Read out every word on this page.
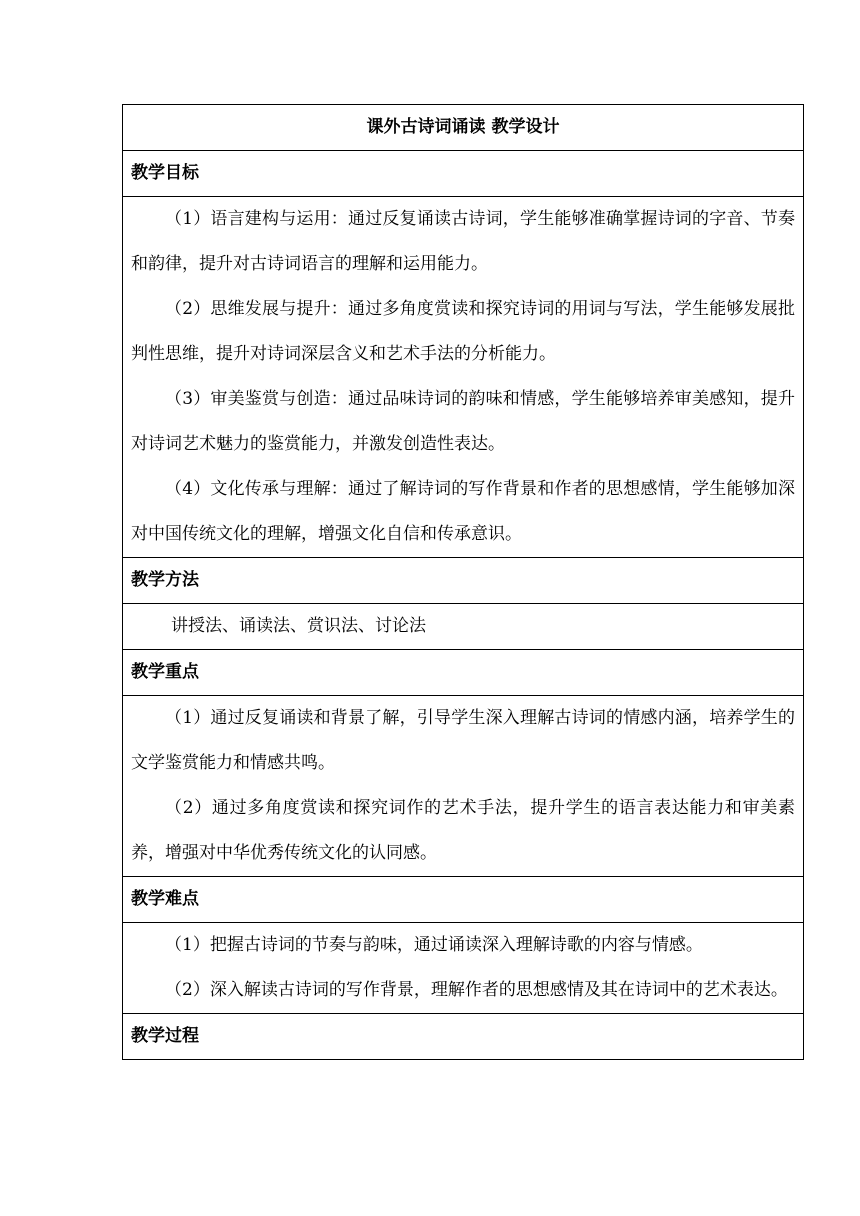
课外古诗词诵读 教学设计
教学目标

（1）语言建构与运用：通过反复诵读古诗词，学生能够准确掌握诗词的字音、节奏和韵律，提升对古诗词语言的理解和运用能力。

（2）思维发展与提升：通过多角度赏读和探究诗词的用词与写法，学生能够发展批判性思维，提升对诗词深层含义和艺术手法的分析能力。

（3）审美鉴赏与创造：通过品味诗词的韵味和情感，学生能够培养审美感知，提升对诗词艺术魅力的鉴赏能力，并激发创造性表达。

（4）文化传承与理解：通过了解诗词的写作背景和作者的思想感情，学生能够加深对中国传统文化的理解，增强文化自信和传承意识。

教学方法

讲授法、诵读法、赏识法、讨论法

教学重点

（1）通过反复诵读和背景了解，引导学生深入理解古诗词的情感内涵，培养学生的文学鉴赏能力和情感共鸣。

（2）通过多角度赏读和探究词作的艺术手法，提升学生的语言表达能力和审美素养，增强对中华优秀传统文化的认同感。

教学难点

（1）把握古诗词的节奏与韵味，通过诵读深入理解诗歌的内容与情感。

（2）深入解读古诗词的写作背景，理解作者的思想感情及其在诗词中的艺术表达。

教学过程
